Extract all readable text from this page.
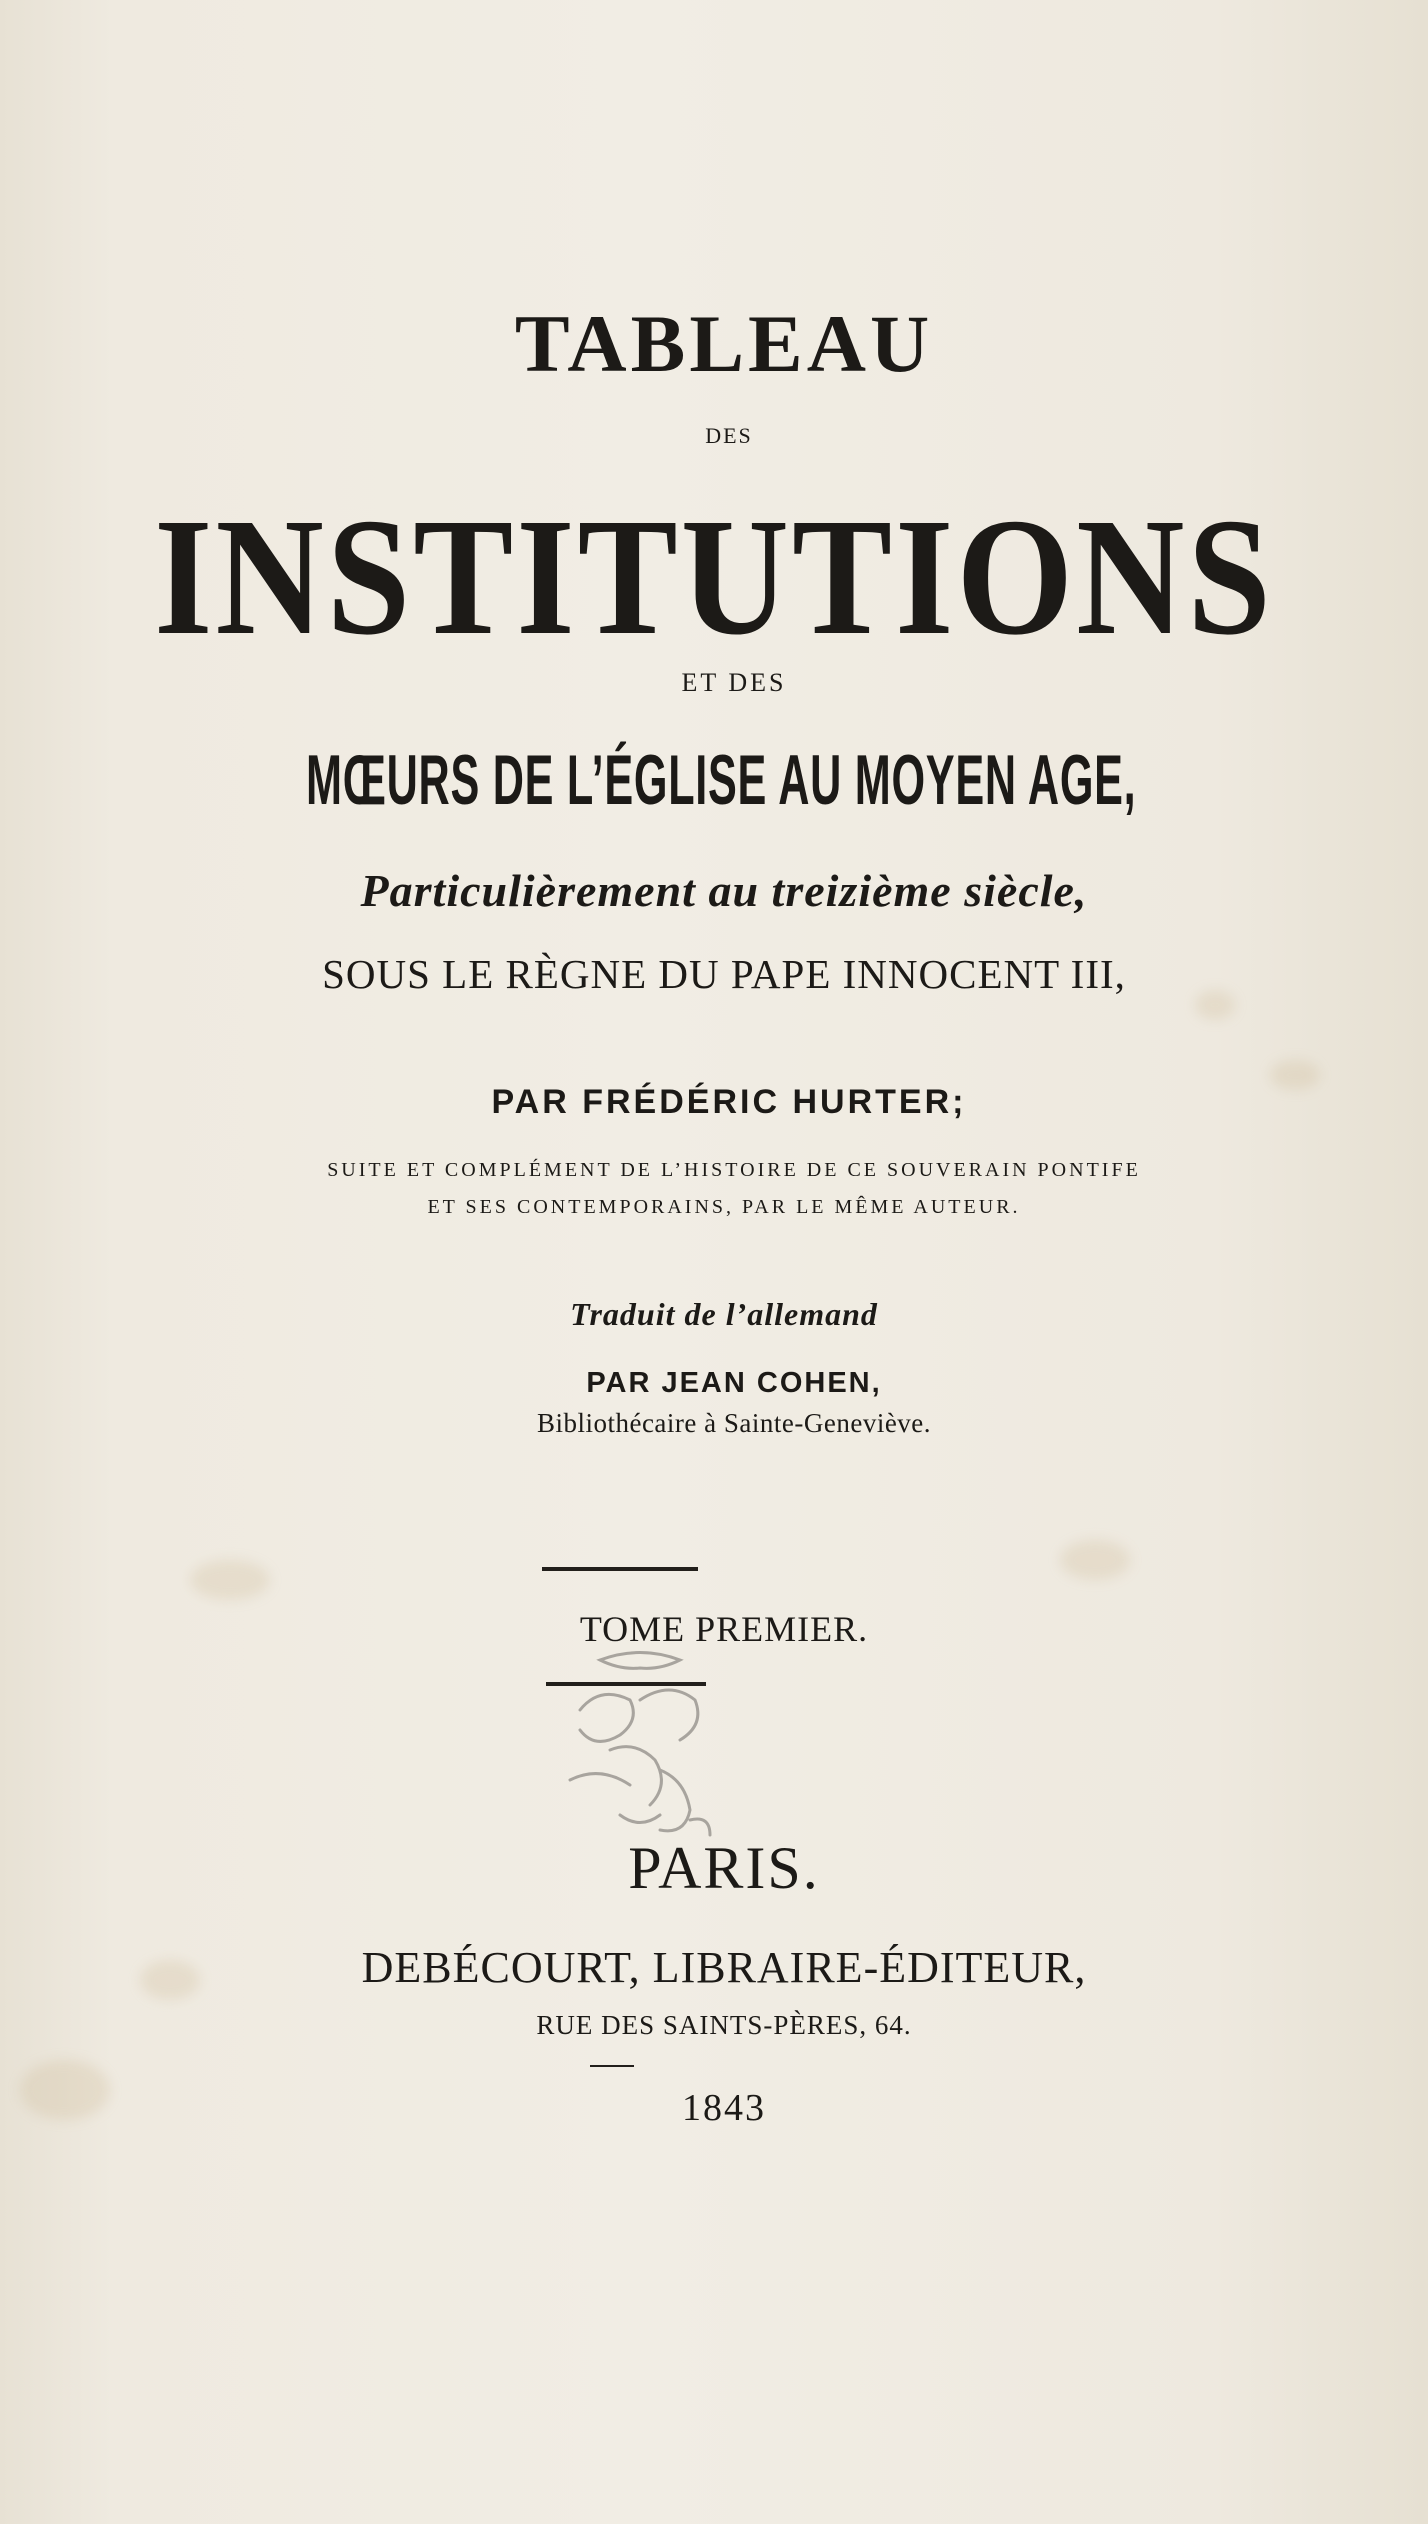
TABLEAU
DES
INSTITUTIONS
ET DES
MŒURS DE L’ÉGLISE AU MOYEN AGE,
Particulièrement au treizième siècle,
SOUS LE RÈGNE DU PAPE INNOCENT III,
PAR FRÉDÉRIC HURTER;
SUITE ET COMPLÉMENT DE L’HISTOIRE DE CE SOUVERAIN PONTIFE
ET SES CONTEMPORAINS, PAR LE MÊME AUTEUR.
Traduit de l’allemand
PAR JEAN COHEN,
Bibliothécaire à Sainte-Geneviève.
TOME PREMIER.
PARIS.
DEBÉCOURT, LIBRAIRE-ÉDITEUR,
RUE DES SAINTS-PÈRES, 64.
1843
